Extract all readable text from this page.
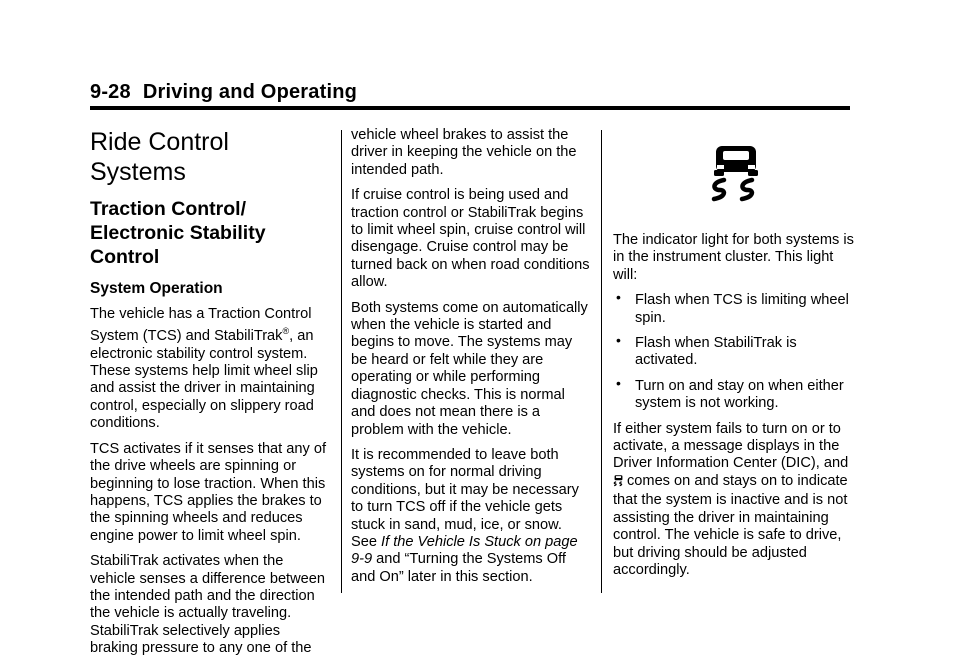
9-28 Driving and Operating
Ride Control Systems
Traction Control/ Electronic Stability Control
System Operation

The vehicle has a Traction Control System (TCS) and StabiliTrak®, an electronic stability control system. These systems help limit wheel slip and assist the driver in maintaining control, especially on slippery road conditions.

TCS activates if it senses that any of the drive wheels are spinning or beginning to lose traction. When this happens, TCS applies the brakes to the spinning wheels and reduces engine power to limit wheel spin.

StabiliTrak activates when the vehicle senses a difference between the intended path and the direction the vehicle is actually traveling. StabiliTrak selectively applies braking pressure to any one of the

vehicle wheel brakes to assist the driver in keeping the vehicle on the intended path.

If cruise control is being used and traction control or StabiliTrak begins to limit wheel spin, cruise control will disengage. Cruise control may be turned back on when road conditions allow.

Both systems come on automatically when the vehicle is started and begins to move. The systems may be heard or felt while they are operating or while performing diagnostic checks. This is normal and does not mean there is a problem with the vehicle.

It is recommended to leave both systems on for normal driving conditions, but it may be necessary to turn TCS off if the vehicle gets stuck in sand, mud, ice, or snow. See If the Vehicle Is Stuck on page 9‑9 and “Turning the Systems Off and On” later in this section.

The indicator light for both systems is in the instrument cluster. This light will:

• Flash when TCS is limiting wheel spin.
• Flash when StabiliTrak is activated.
• Turn on and stay on when either system is not working.

If either system fails to turn on or to activate, a message displays in the Driver Information Center (DIC), and
comes on and stays on to indicate that the system is inactive and is not assisting the driver in maintaining control. The vehicle is safe to drive, but driving should be adjusted accordingly.
